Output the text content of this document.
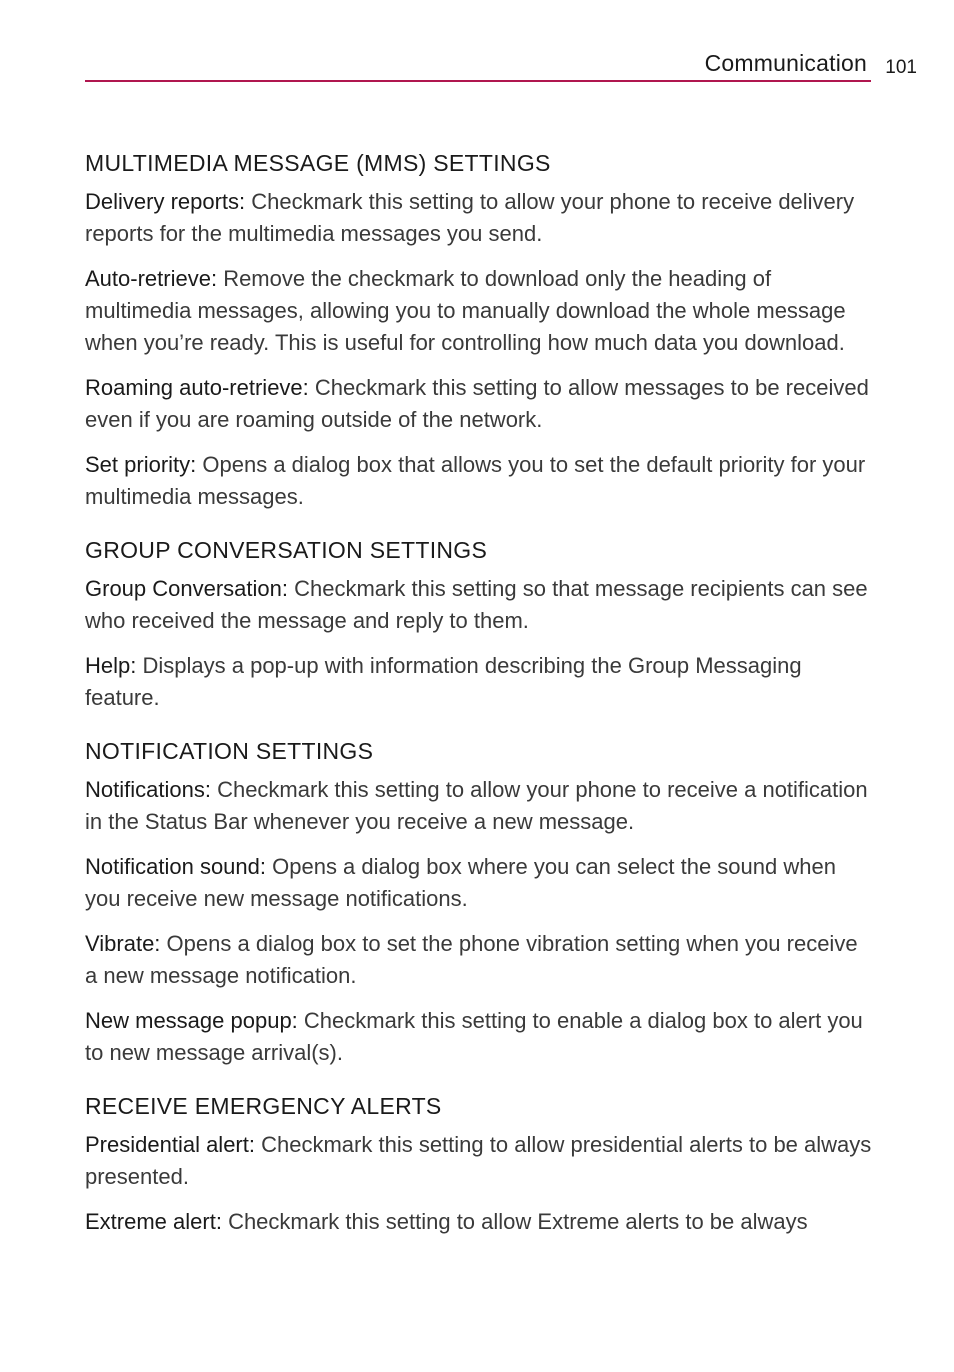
Communication 101
MULTIMEDIA MESSAGE (MMS) SETTINGS

Delivery reports: Checkmark this setting to allow your phone to receive delivery reports for the multimedia messages you send.

Auto-retrieve: Remove the checkmark to download only the heading of multimedia messages, allowing you to manually download the whole message when you’re ready. This is useful for controlling how much data you download.

Roaming auto-retrieve: Checkmark this setting to allow messages to be received even if you are roaming outside of the network.

Set priority: Opens a dialog box that allows you to set the default priority for your multimedia messages.

GROUP CONVERSATION SETTINGS

Group Conversation: Checkmark this setting so that message recipients can see who received the message and reply to them.

Help: Displays a pop-up with information describing the Group Messaging feature.

NOTIFICATION SETTINGS

Notifications: Checkmark this setting to allow your phone to receive a notification in the Status Bar whenever you receive a new message.

Notification sound: Opens a dialog box where you can select the sound when you receive new message notifications.

Vibrate: Opens a dialog box to set the phone vibration setting when you receive a new message notification.

New message popup: Checkmark this setting to enable a dialog box to alert you to new message arrival(s).

RECEIVE EMERGENCY ALERTS

Presidential alert: Checkmark this setting to allow presidential alerts to be always presented.

Extreme alert: Checkmark this setting to allow Extreme alerts to be always
